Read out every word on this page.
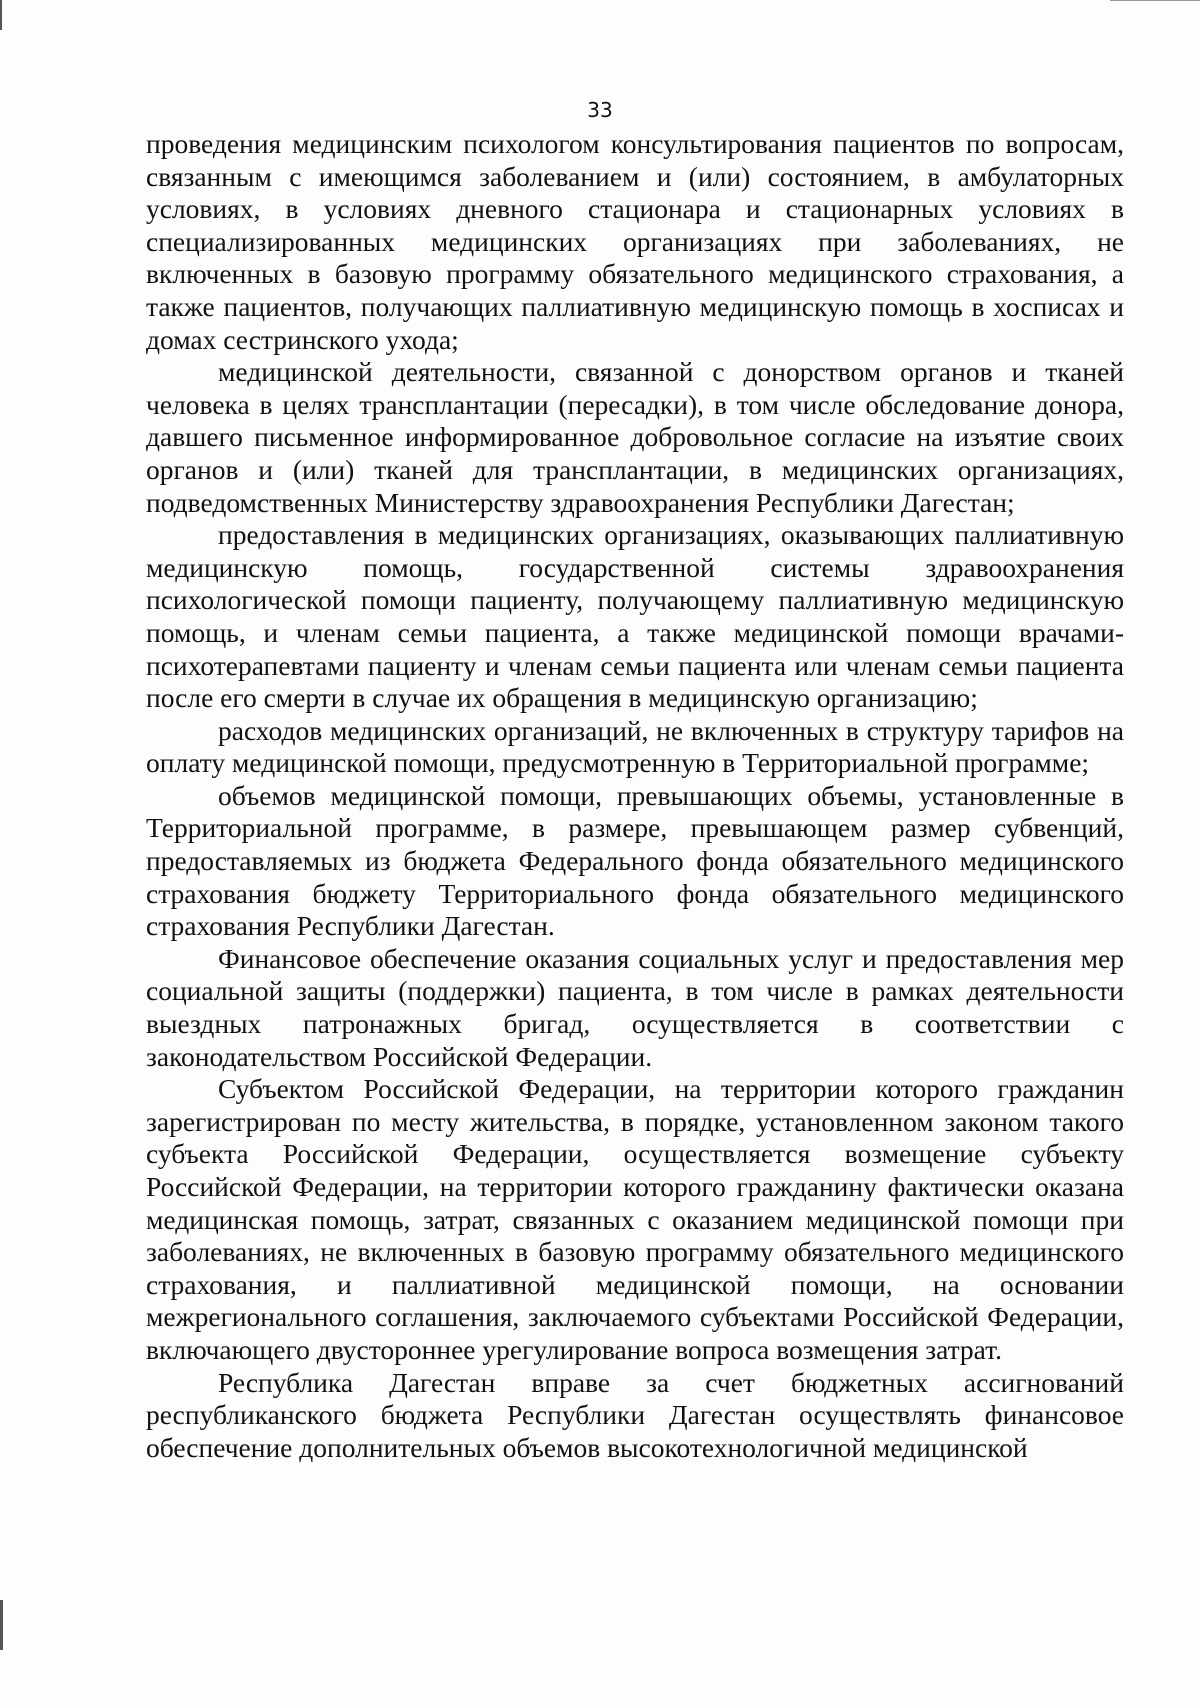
33

проведения медицинским психологом консультирования пациентов по вопросам, связанным с имеющимся заболеванием и (или) состоянием, в амбулаторных условиях, в условиях дневного стационара и стационарных условиях в специализированных медицинских организациях при заболеваниях, не включенных в базовую программу обязательного медицинского страхования, а также пациентов, получающих паллиативную медицинскую помощь в хосписах и домах сестринского ухода;

медицинской деятельности, связанной с донорством органов и тканей человека в целях трансплантации (пересадки), в том числе обследование донора, давшего письменное информированное добровольное согласие на изъятие своих органов и (или) тканей для трансплантации, в медицинских организациях, подведомственных Министерству здравоохранения Республики Дагестан;

предоставления в медицинских организациях, оказывающих паллиативную медицинскую помощь, государственной системы здравоохранения психологической помощи пациенту, получающему паллиативную медицинскую помощь, и членам семьи пациента, а также медицинской помощи врачами-психотерапевтами пациенту и членам семьи пациента или членам семьи пациента после его смерти в случае их обращения в медицинскую организацию;

расходов медицинских организаций, не включенных в структуру тарифов на оплату медицинской помощи, предусмотренную в Территориальной программе;

объемов медицинской помощи, превышающих объемы, установленные в Территориальной программе, в размере, превышающем размер субвенций, предоставляемых из бюджета Федерального фонда обязательного медицинского страхования бюджету Территориального фонда обязательного медицинского страхования Республики Дагестан.

Финансовое обеспечение оказания социальных услуг и предоставления мер социальной защиты (поддержки) пациента, в том числе в рамках деятельности выездных патронажных бригад, осуществляется в соответствии с законодательством Российской Федерации.

Субъектом Российской Федерации, на территории которого гражданин зарегистрирован по месту жительства, в порядке, установленном законом такого субъекта Российской Федерации, осуществляется возмещение субъекту Российской Федерации, на территории которого гражданину фактически оказана медицинская помощь, затрат, связанных с оказанием медицинской помощи при заболеваниях, не включенных в базовую программу обязательного медицинского страхования, и паллиативной медицинской помощи, на основании межрегионального соглашения, заключаемого субъектами Российской Федерации, включающего двустороннее урегулирование вопроса возмещения затрат.

Республика Дагестан вправе за счет бюджетных ассигнований республиканского бюджета Республики Дагестан осуществлять финансовое обеспечение дополнительных объемов высокотехнологичной медицинской
